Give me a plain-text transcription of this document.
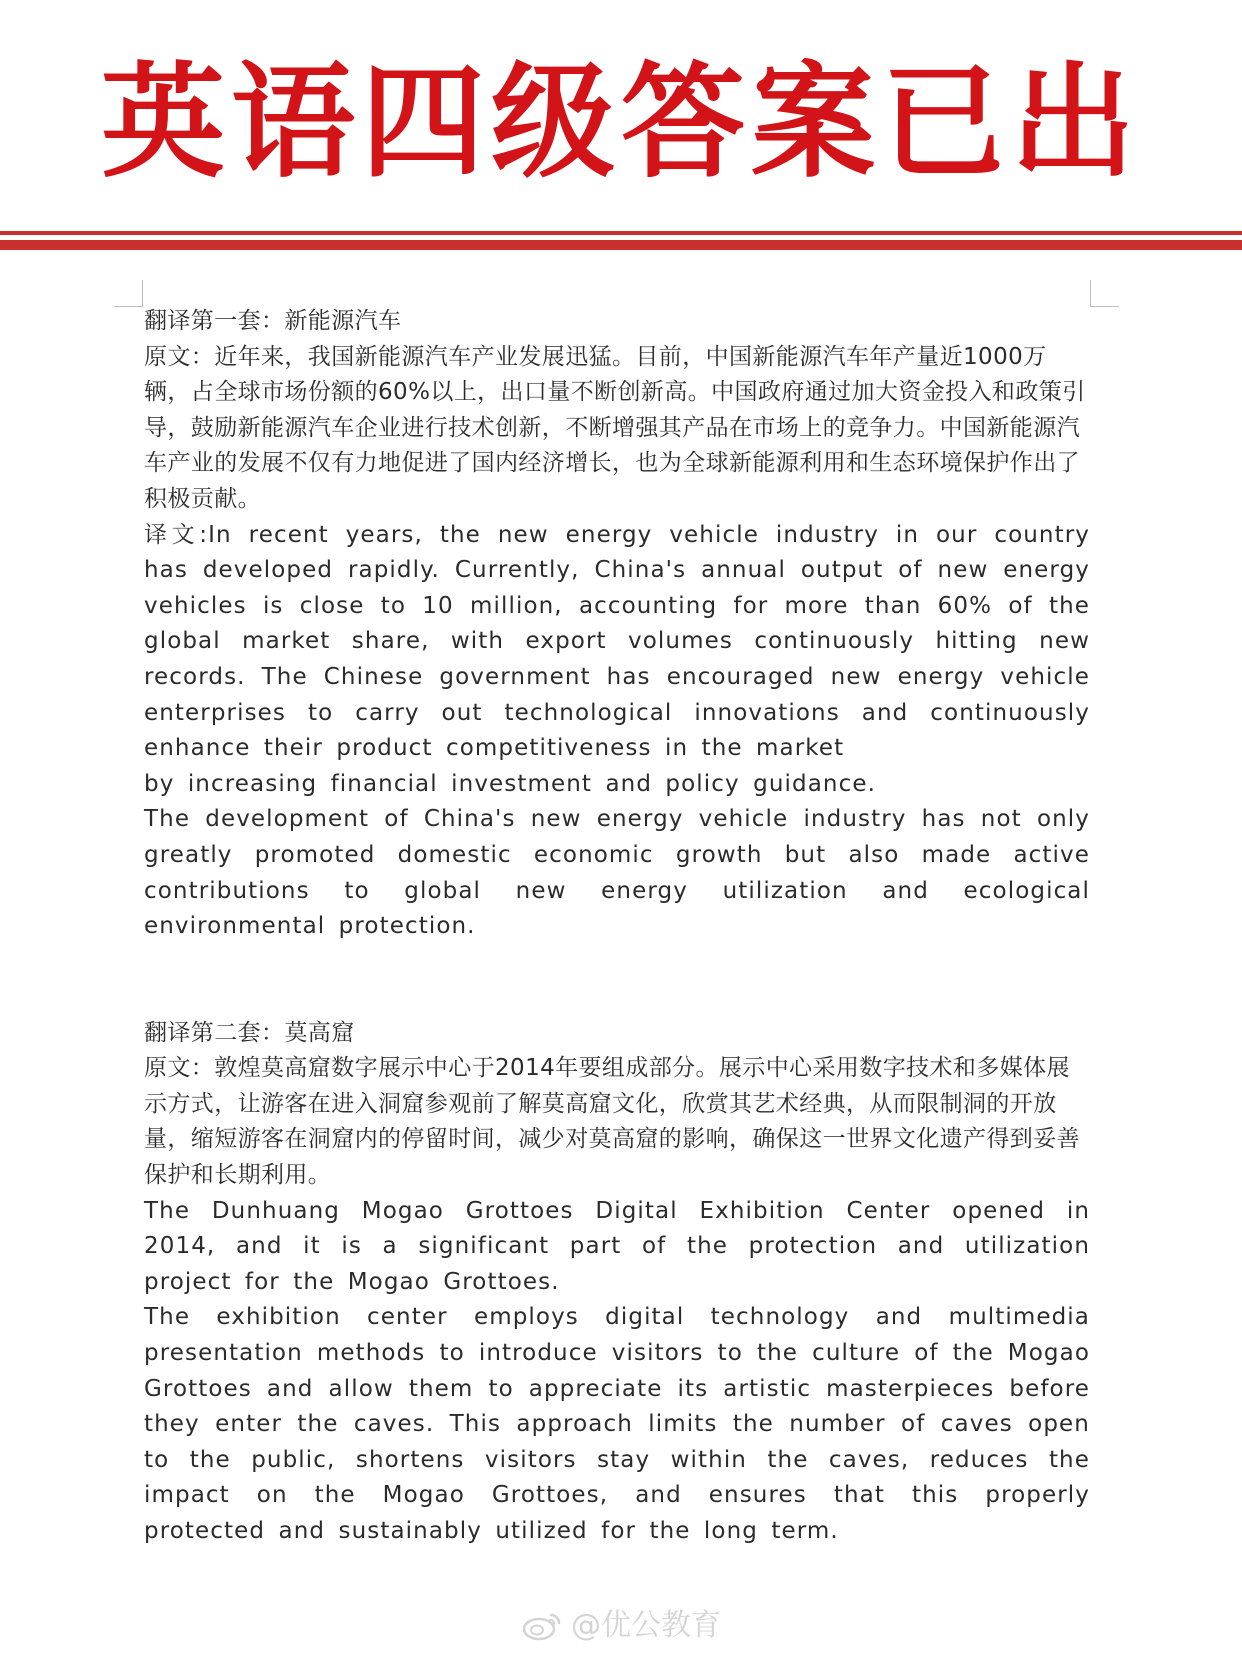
英语四级答案已出

翻译第一套：新能源汽车

原文：近年来，我国新能源汽车产业发展迅猛。目前，中国新能源汽车年产量近1000万辆，占全球市场份额的60%以上，出口量不断创新高。中国政府通过加大资金投入和政策引导，鼓励新能源汽车企业进行技术创新，不断增强其产品在市场上的竞争力。中国新能源汽车产业的发展不仅有力地促进了国内经济增长，也为全球新能源利用和生态环境保护作出了积极贡献。

译文:In recent years, the new energy vehicle industry in our country has developed rapidly. Currently, China's annual output of new energy vehicles is close to 10 million, accounting for more than 60% of the global market share, with export volumes continuously hitting new records. The Chinese government has encouraged new energy vehicle enterprises to carry out technological innovations and continuously enhance their product competitiveness in the market

by increasing financial investment and policy guidance.

The development of China's new energy vehicle industry has not only greatly promoted domestic economic growth but also made active contributions to global new energy utilization and ecological environmental protection.

翻译第二套：莫高窟

原文：敦煌莫高窟数字展示中心于2014年要组成部分。展示中心采用数字技术和多媒体展示方式，让游客在进入洞窟参观前了解莫高窟文化，欣赏其艺术经典，从而限制洞的开放量，缩短游客在洞窟内的停留时间，减少对莫高窟的影响，确保这一世界文化遗产得到妥善保护和长期利用。

The Dunhuang Mogao Grottoes Digital Exhibition Center opened in 2014, and it is a significant part of the protection and utilization project for the Mogao Grottoes.

The exhibition center employs digital technology and multimedia presentation methods to introduce visitors to the culture of the Mogao Grottoes and allow them to appreciate its artistic masterpieces before they enter the caves. This approach limits the number of caves open to the public, shortens visitors stay within the caves, reduces the impact on the Mogao Grottoes, and ensures that this properly protected and sustainably utilized for the long term.

@优公教育
